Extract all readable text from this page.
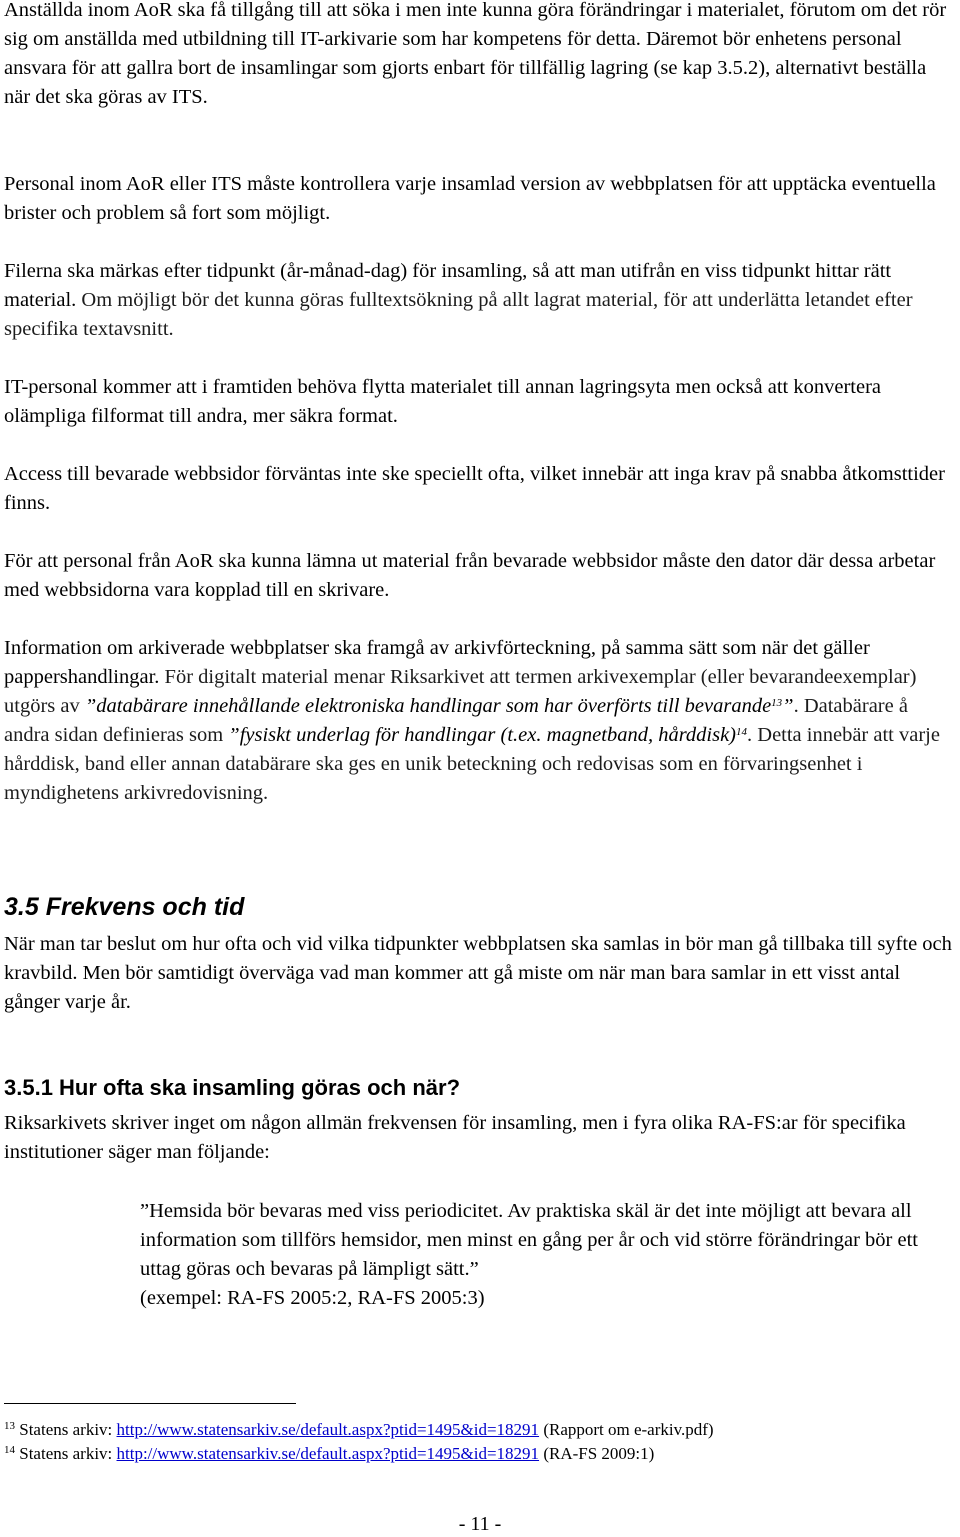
Anställda inom AoR ska få tillgång till att söka i men inte kunna göra förändringar i materialet, förutom om det rör sig om anställda med utbildning till IT-arkivarie som har kompetens för detta. Däremot bör enhetens personal ansvara för att gallra bort de insamlingar som gjorts enbart för tillfällig lagring (se kap 3.5.2), alternativt beställa när det ska göras av ITS.

Personal inom AoR eller ITS måste kontrollera varje insamlad version av webbplatsen för att upptäcka eventuella brister och problem så fort som möjligt.

Filerna ska märkas efter tidpunkt (år-månad-dag) för insamling, så att man utifrån en viss tidpunkt hittar rätt material. Om möjligt bör det kunna göras fulltextsökning på allt lagrat material, för att underlätta letandet efter specifika textavsnitt.

IT-personal kommer att i framtiden behöva flytta materialet till annan lagringsyta men också att konvertera olämpliga filformat till andra, mer säkra format.

Access till bevarade webbsidor förväntas inte ske speciellt ofta, vilket innebär att inga krav på snabba åtkomsttider finns.

För att personal från AoR ska kunna lämna ut material från bevarade webbsidor måste den dator där dessa arbetar med webbsidorna vara kopplad till en skrivare.

Information om arkiverade webbplatser ska framgå av arkivförteckning, på samma sätt som när det gäller pappershandlingar. För digitalt material menar Riksarkivet att termen arkivexemplar (eller bevarandeexemplar) utgörs av ”databärare innehållande elektroniska handlingar som har överförts till bevarande$^{13}$”. Databärare å andra sidan definieras som ”fysiskt underlag för handlingar (t.ex. magnetband, hårddisk)$^{14}$. Detta innebär att varje hårddisk, band eller annan databärare ska ges en unik beteckning och redovisas som en förvaringsenhet i myndighetens arkivredovisning.

3.5 Frekvens och tid

När man tar beslut om hur ofta och vid vilka tidpunkter webbplatsen ska samlas in bör man gå tillbaka till syfte och kravbild. Men bör samtidigt överväga vad man kommer att gå miste om när man bara samlar in ett visst antal gånger varje år.

3.5.1 Hur ofta ska insamling göras och när?

Riksarkivets skriver inget om någon allmän frekvensen för insamling, men i fyra olika RA-FS:ar för specifika institutioner säger man följande:

”Hemsida bör bevaras med viss periodicitet. Av praktiska skäl är det inte möjligt att bevara all information som tillförs hemsidor, men minst en gång per år och vid större förändringar bör ett uttag göras och bevaras på lämpligt sätt.”
(exempel: RA-FS 2005:2, RA-FS 2005:3)

$^{13}$ Statens arkiv: http://www.statensarkiv.se/default.aspx?ptid=1495&id=18291 (Rapport om e-arkiv.pdf)
$^{14}$ Statens arkiv: http://www.statensarkiv.se/default.aspx?ptid=1495&id=18291 (RA-FS 2009:1)
- 11 -
